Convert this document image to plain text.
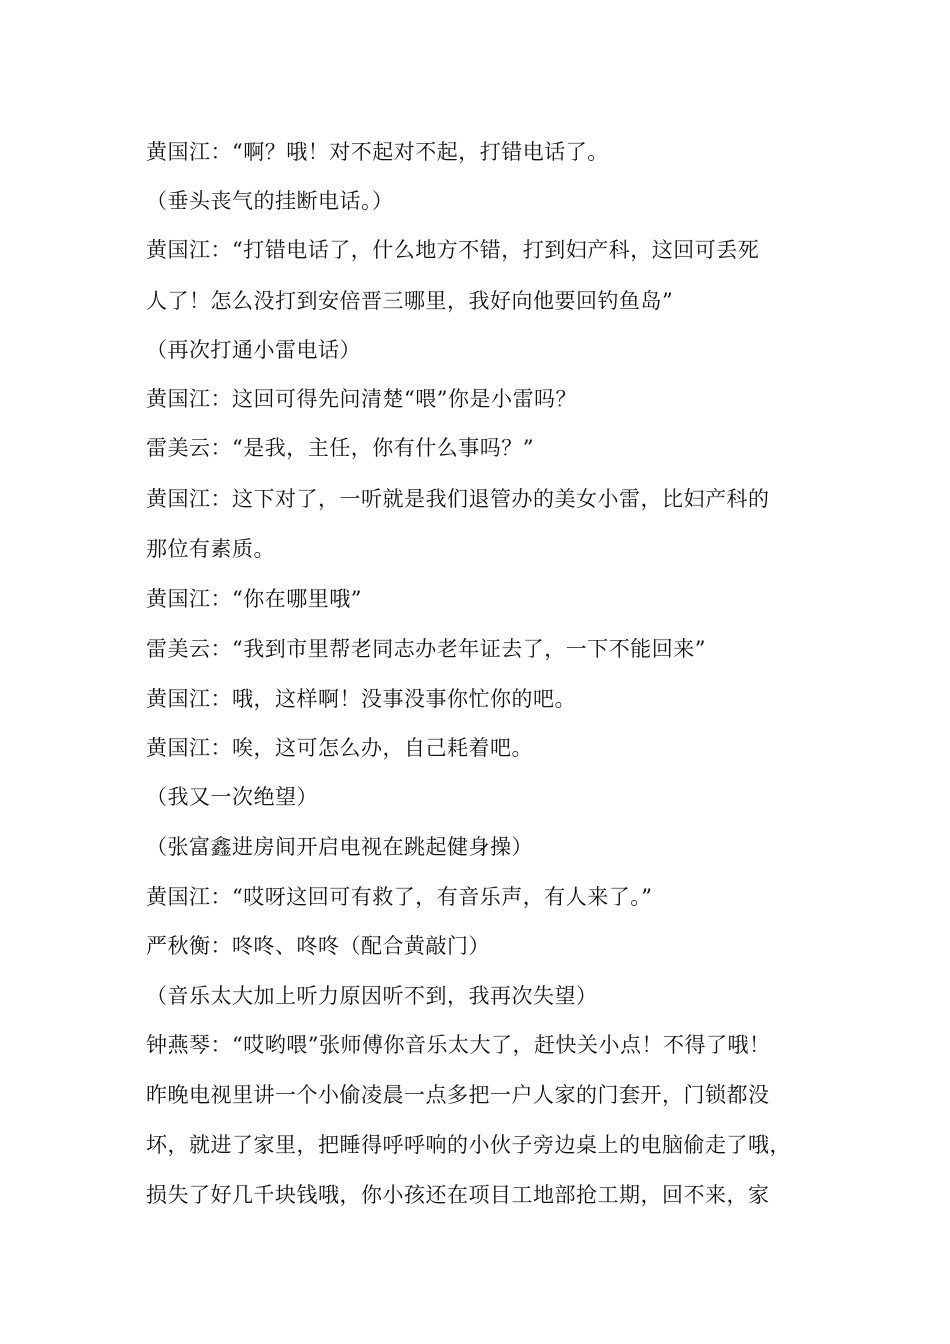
黄国江：“啊？哦！对不起对不起，打错电话了。
（垂头丧气的挂断电话。）
黄国江：“打错电话了，什么地方不错，打到妇产科，这回可丢死
人了！怎么没打到安倍晋三哪里，我好向他要回钓鱼岛”
（再次打通小雷电话）
黄国江：这回可得先问清楚“喂”你是小雷吗？
雷美云：“是我，主任，你有什么事吗？”
黄国江：这下对了，一听就是我们退管办的美女小雷，比妇产科的
那位有素质。
黄国江：“你在哪里哦”
雷美云：“我到市里帮老同志办老年证去了，一下不能回来”
黄国江：哦，这样啊！没事没事你忙你的吧。
黄国江：唉，这可怎么办，自己耗着吧。
（我又一次绝望）
（张富鑫进房间开启电视在跳起健身操）
黄国江：“哎呀这回可有救了，有音乐声，有人来了。”
严秋衡：咚咚、咚咚（配合黄敲门）
（音乐太大加上听力原因听不到，我再次失望）
钟燕琴：“哎哟喂”张师傅你音乐太大了，赶快关小点！不得了哦！
昨晚电视里讲一个小偷凌晨一点多把一户人家的门套开，门锁都没
坏，就进了家里，把睡得呼呼响的小伙子旁边桌上的电脑偷走了哦，
损失了好几千块钱哦，你小孩还在项目工地部抢工期，回不来，家
